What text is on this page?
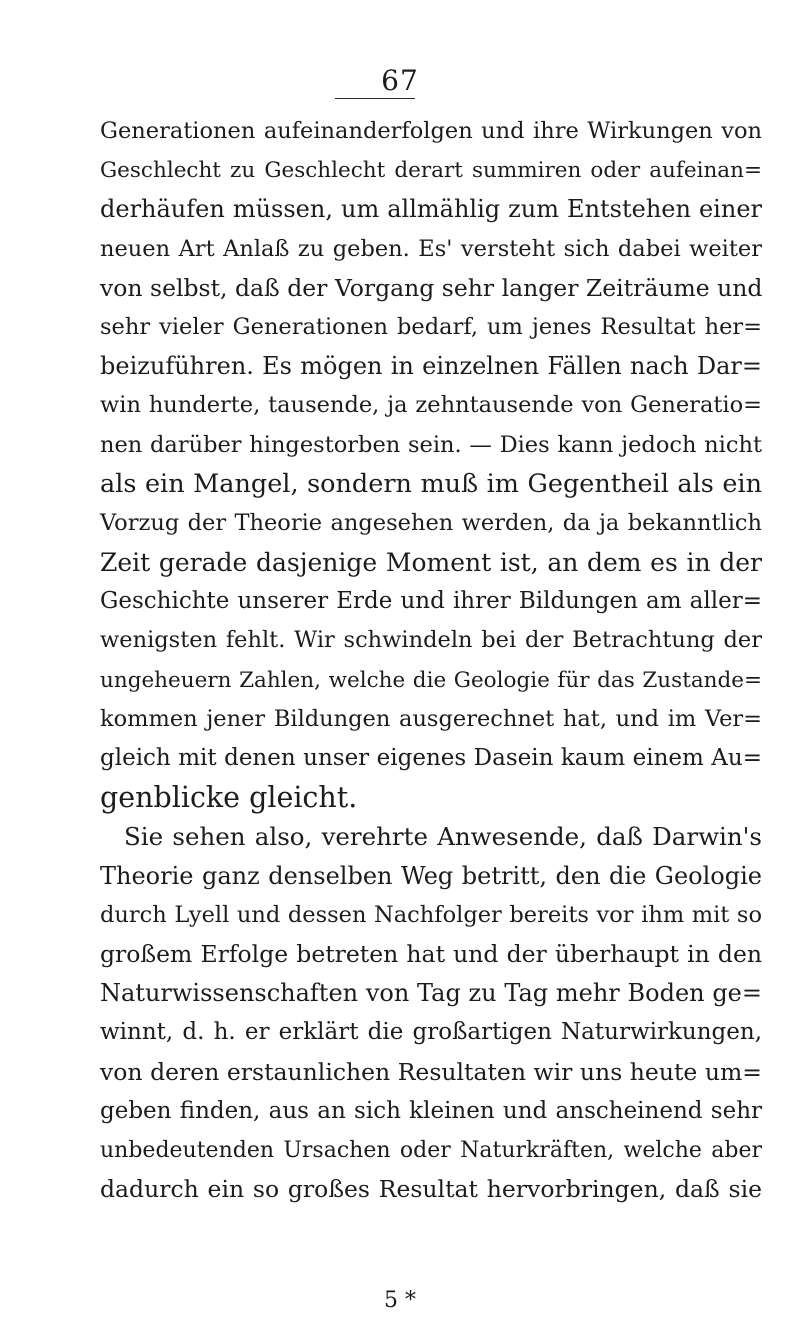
67
Generationen aufeinanderfolgen und ihre Wirkungen von
Geschlecht zu Geschlecht derart summiren oder aufeinan=
derhäufen müssen, um allmählig zum Entstehen einer
neuen Art Anlaß zu geben. Es' versteht sich dabei weiter
von selbst, daß der Vorgang sehr langer Zeiträume und
sehr vieler Generationen bedarf, um jenes Resultat her=
beizuführen. Es mögen in einzelnen Fällen nach Dar=
win hunderte, tausende, ja zehntausende von Generatio=
nen darüber hingestorben sein. — Dies kann jedoch nicht
als ein Mangel, sondern muß im Gegentheil als ein
Vorzug der Theorie angesehen werden, da ja bekanntlich
Zeit gerade dasjenige Moment ist, an dem es in der
Geschichte unserer Erde und ihrer Bildungen am aller=
wenigsten fehlt. Wir schwindeln bei der Betrachtung der
ungeheuern Zahlen, welche die Geologie für das Zustande=
kommen jener Bildungen ausgerechnet hat, und im Ver=
gleich mit denen unser eigenes Dasein kaum einem Au=
genblicke gleicht.
Sie sehen also, verehrte Anwesende, daß Darwin's
Theorie ganz denselben Weg betritt, den die Geologie
durch Lyell und dessen Nachfolger bereits vor ihm mit so
großem Erfolge betreten hat und der überhaupt in den
Naturwissenschaften von Tag zu Tag mehr Boden ge=
winnt, d. h. er erklärt die großartigen Naturwirkungen,
von deren erstaunlichen Resultaten wir uns heute um=
geben finden, aus an sich kleinen und anscheinend sehr
unbedeutenden Ursachen oder Naturkräften, welche aber
dadurch ein so großes Resultat hervorbringen, daß sie
5 *
